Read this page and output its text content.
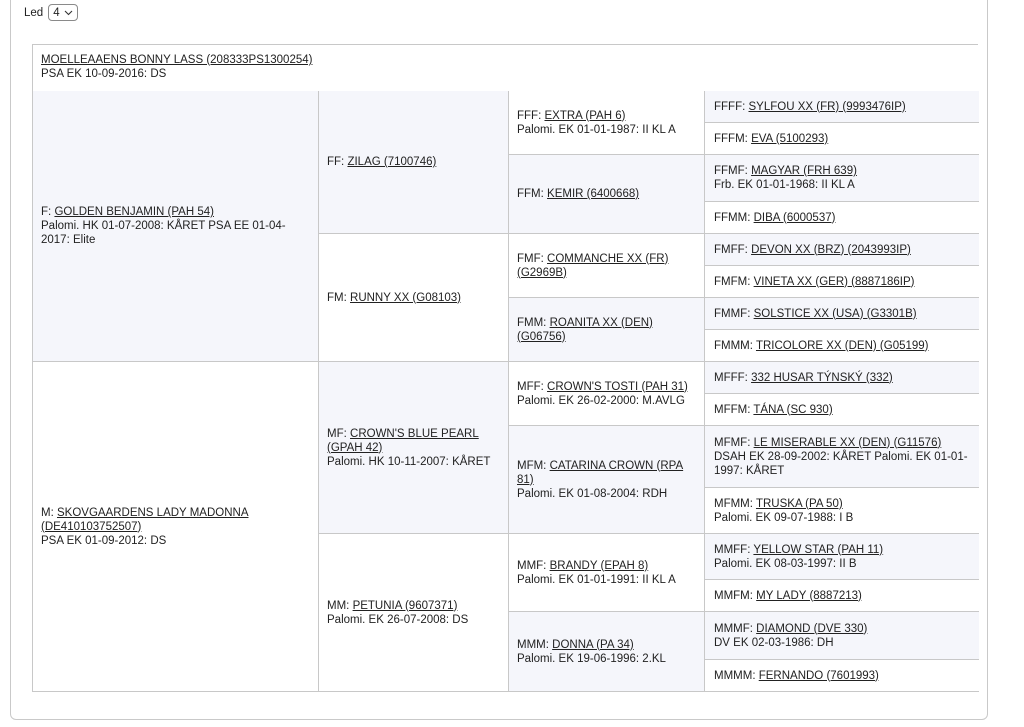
Led 4
MOELLEAAENS BONNY LASS (208333PS1300254)
PSA EK 10-09-2016: DS
F: GOLDEN BENJAMIN (PAH 54)
Palomi. HK 01-07-2008: KÅRET PSA EE 01-04-2017: Elite
M: SKOVGAARDENS LADY MADONNA (DE410103752507)
PSA EK 01-09-2012: DS
FF: ZILAG (7100746)
FM: RUNNY XX (G08103)
MF: CROWN'S BLUE PEARL (GPAH 42)
Palomi. HK 10-11-2007: KÅRET
MM: PETUNIA (9607371)
Palomi. EK 26-07-2008: DS
FFF: EXTRA (PAH 6)
Palomi. EK 01-01-1987: II KL A
FFM: KEMIR (6400668)
FMF: COMMANCHE XX (FR) (G2969B)
FMM: ROANITA XX (DEN) (G06756)
MFF: CROWN'S TOSTI (PAH 31)
Palomi. EK 26-02-2000: M.AVLG
MFM: CATARINA CROWN (RPA 81)
Palomi. EK 01-08-2004: RDH
MMF: BRANDY (EPAH 8)
Palomi. EK 01-01-1991: II KL A
MMM: DONNA (PA 34)
Palomi. EK 19-06-1996: 2.KL
FFFF: SYLFOU XX (FR) (9993476IP)
FFFM: EVA (5100293)
FFMF: MAGYAR (FRH 639)
Frb. EK 01-01-1968: II KL A
FFMM: DIBA (6000537)
FMFF: DEVON XX (BRZ) (2043993IP)
FMFM: VINETA XX (GER) (8887186IP)
FMMF: SOLSTICE XX (USA) (G3301B)
FMMM: TRICOLORE XX (DEN) (G05199)
MFFF: 332 HUSAR TÝNSKÝ (332)
MFFM: TÁNA (SC 930)
MFMF: LE MISERABLE XX (DEN) (G11576)
DSAH EK 28-09-2002: KÅRET Palomi. EK 01-01-1997: KÅRET
MFMM: TRUSKA (PA 50)
Palomi. EK 09-07-1988: I B
MMFF: YELLOW STAR (PAH 11)
Palomi. EK 08-03-1997: II B
MMFM: MY LADY (8887213)
MMMF: DIAMOND (DVE 330)
DV EK 02-03-1986: DH
MMMM: FERNANDO (7601993)
